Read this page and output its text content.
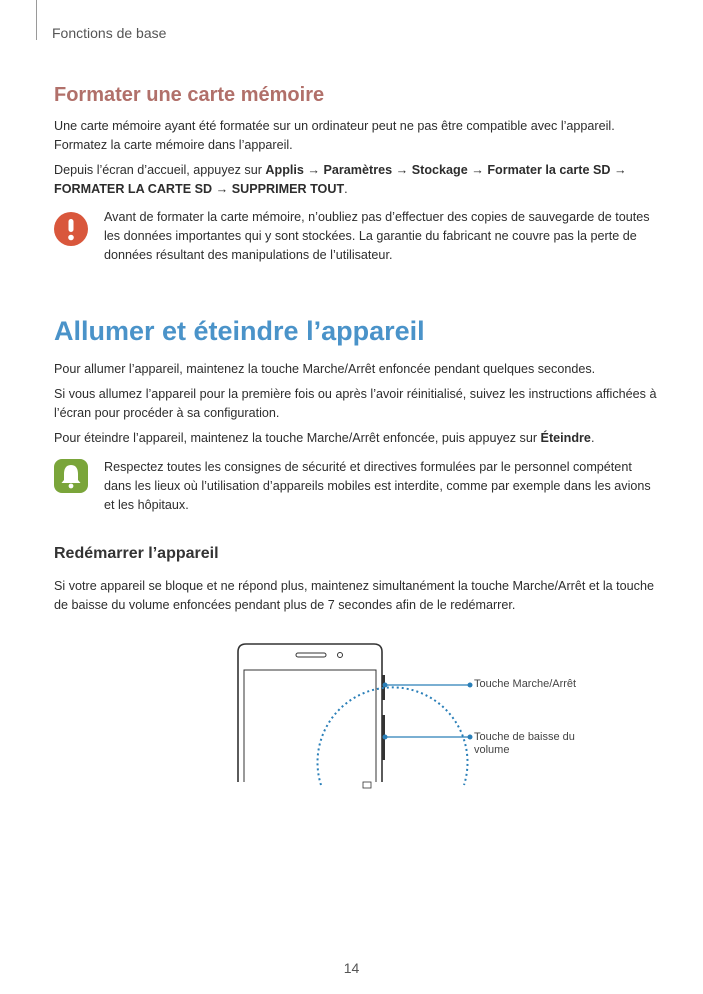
Fonctions de base
Formater une carte mémoire
Une carte mémoire ayant été formatée sur un ordinateur peut ne pas être compatible avec l’appareil. Formatez la carte mémoire dans l’appareil.
Depuis l’écran d’accueil, appuyez sur Applis → Paramètres → Stockage → Formater la carte SD → FORMATER LA CARTE SD → SUPPRIMER TOUT.
Avant de formater la carte mémoire, n’oubliez pas d’effectuer des copies de sauvegarde de toutes les données importantes qui y sont stockées. La garantie du fabricant ne couvre pas la perte de données résultant des manipulations de l’utilisateur.
Allumer et éteindre l’appareil
Pour allumer l’appareil, maintenez la touche Marche/Arrêt enfoncée pendant quelques secondes.
Si vous allumez l’appareil pour la première fois ou après l’avoir réinitialisé, suivez les instructions affichées à l’écran pour procéder à sa configuration.
Pour éteindre l’appareil, maintenez la touche Marche/Arrêt enfoncée, puis appuyez sur Éteindre.
Respectez toutes les consignes de sécurité et directives formulées par le personnel compétent dans les lieux où l’utilisation d’appareils mobiles est interdite, comme par exemple dans les avions et les hôpitaux.
Redémarrer l’appareil
Si votre appareil se bloque et ne répond plus, maintenez simultanément la touche Marche/Arrêt et la touche de baisse du volume enfoncées pendant plus de 7 secondes afin de le redémarrer.
Touche Marche/Arrêt
Touche de baisse du volume
14
